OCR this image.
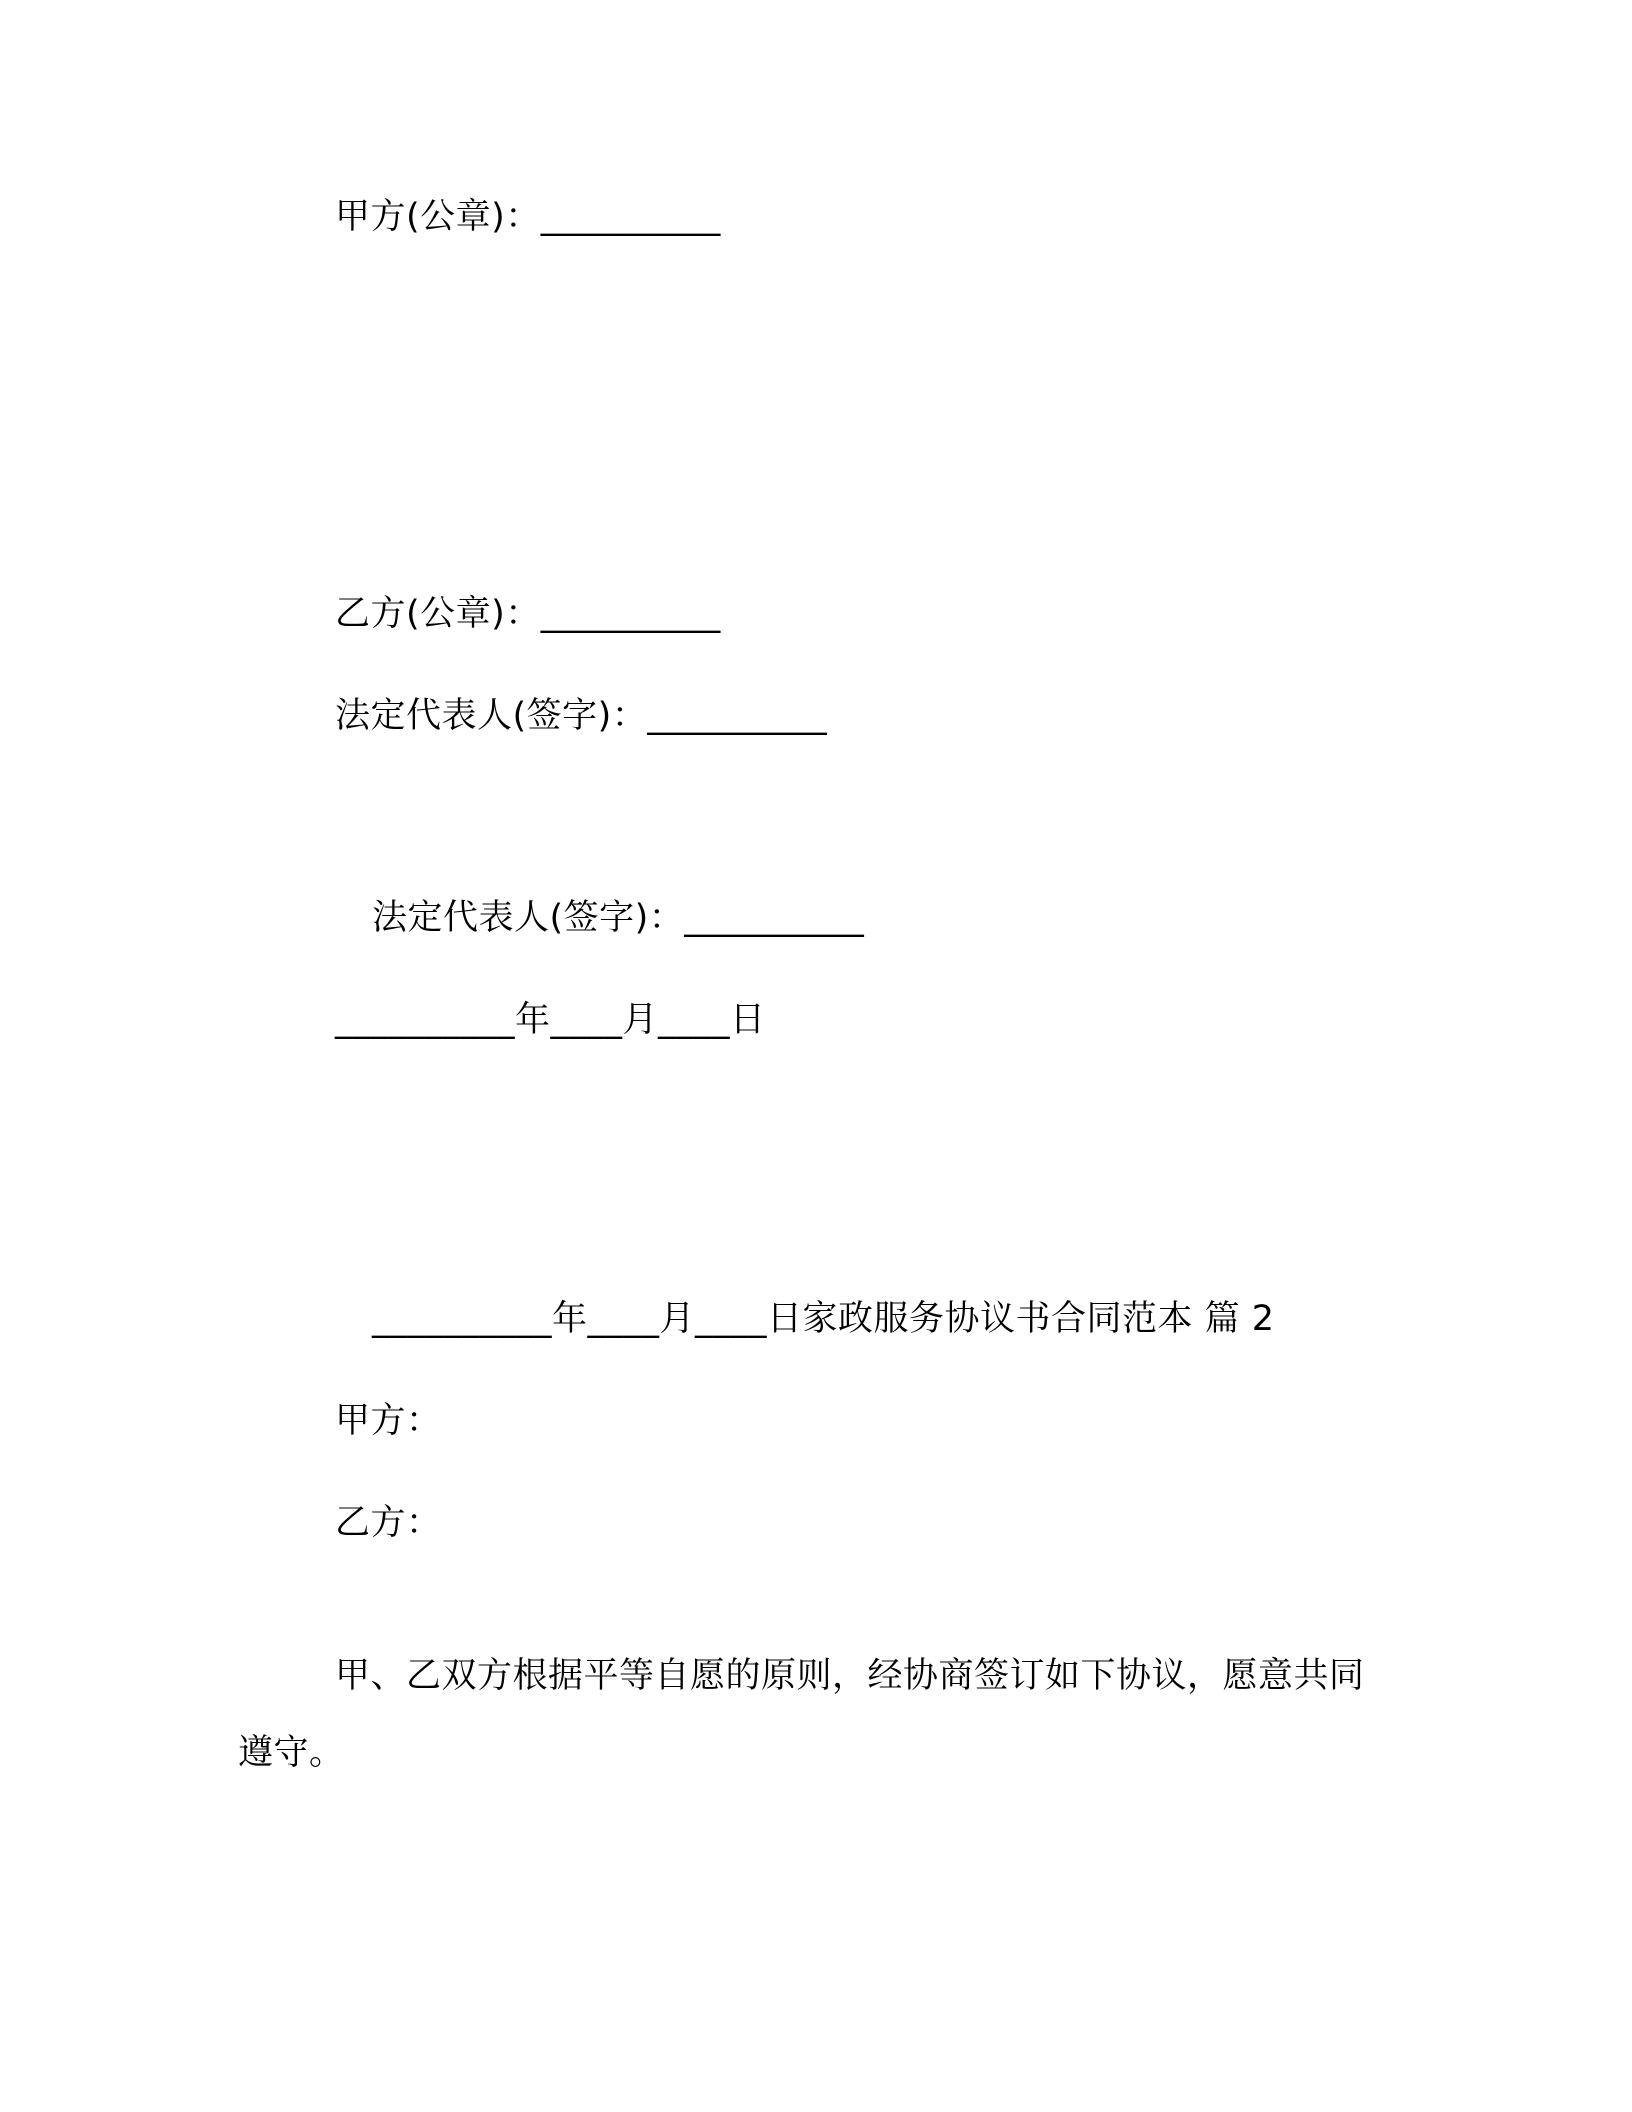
甲方(公章)：__________
乙方(公章)：__________
法定代表人(签字)：__________
法定代表人(签字)：__________
__________年____月____日
__________年____月____日家政服务协议书合同范本 篇 2
甲方：
乙方：

甲、乙双方根据平等自愿的原则，经协商签订如下协议，愿意共同遵守。
